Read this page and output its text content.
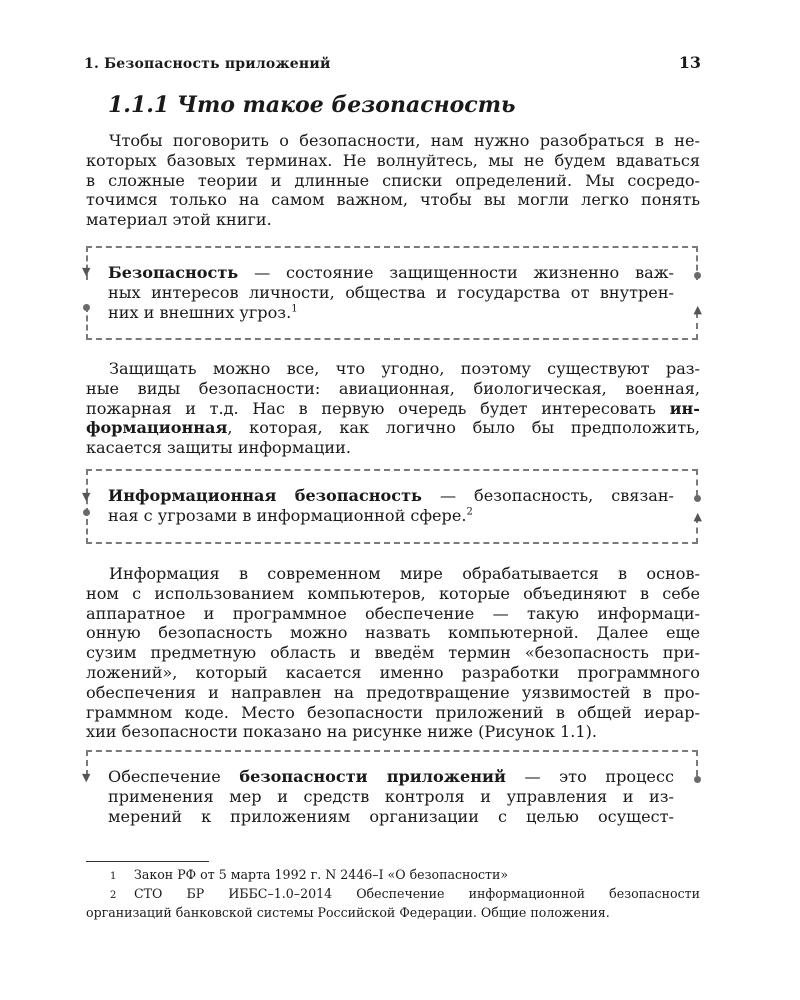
1. Безопасность приложений	13
1.1.1 Что такое безопасность
Чтобы поговорить о безопасности, нам нужно разобраться в не-
которых базовых терминах. Не волнуйтесь, мы не будем вдаваться
в сложные теории и длинные списки определений. Мы сосредо-
точимся только на самом важном, чтобы вы могли легко понять
материал этой книги.
▼
▲
Безопасность — состояние защищенности жизненно важ-
ных интересов личности, общества и государства от внутрен-
них и внешних угроз.$^1$
Защищать можно все, что угодно, поэтому существуют раз-
ные виды безопасности: авиационная, биологическая, военная,
пожарная и т.д. Нас в первую очередь будет интересовать ин-
формационная, которая, как логично было бы предположить,
касается защиты информации.
▼
▲
Информационная безопасность — безопасность, связан-
ная с угрозами в информационной сфере.$^2$
Информация в современном мире обрабатывается в основ-
ном с использованием компьютеров, которые объединяют в себе
аппаратное и программное обеспечение — такую информаци-
онную безопасность можно назвать компьютерной. Далее еще
сузим предметную область и введём термин «безопасность при-
ложений», который касается именно разработки программного
обеспечения и направлен на предотвращение уязвимостей в про-
граммном коде. Место безопасности приложений в общей иерар-
хии безопасности показано на рисунке ниже (Рисунок 1.1).
▼ Обеспечение безопасности приложений — это процесс
применения мер и средств контроля и управления и из-
мерений к приложениям организации с целью осущест-
1 Закон РФ от 5 марта 1992 г. N 2446–I «О безопасности»
2 СТО БР ИББС–1.0–2014 Обеспечение информационной безопасности
организаций банковской системы Российской Федерации. Общие положения.
